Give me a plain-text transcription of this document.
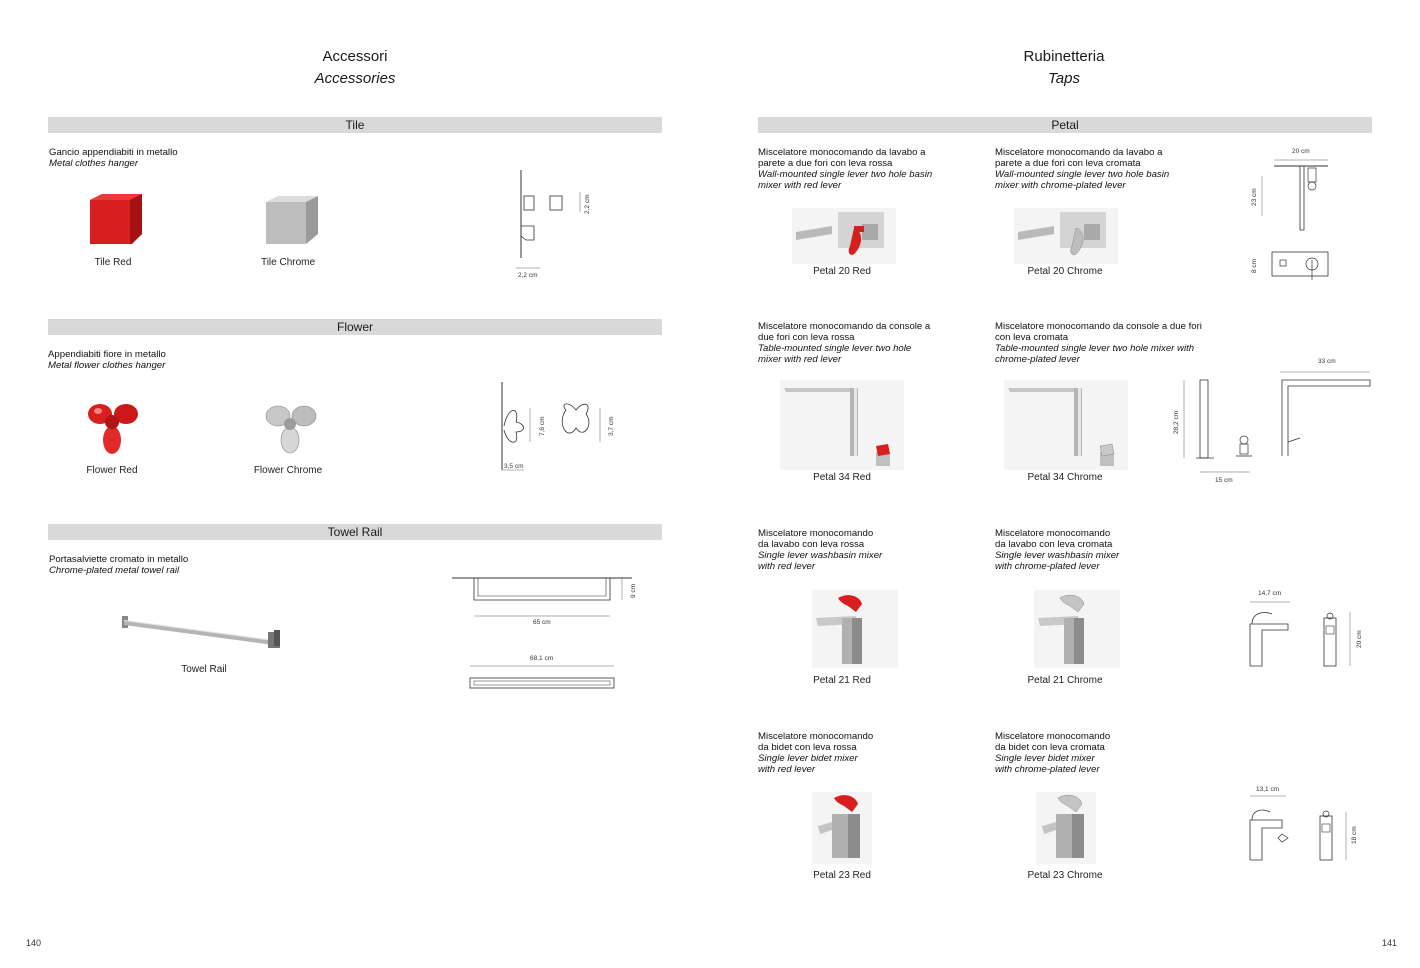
Accessori
Accessories
Tile
Gancio appendiabiti in metallo
Metal clothes hanger
Tile Red	Tile Chrome
2,2 cm
2,2 cm
Flower
Appendiabiti fiore in metallo
Metal flower clothes hanger
Flower Red	Flower Chrome
7,6 cm	3,7 cm
3,5 cm
Towel Rail
Portasalviette cromato in metallo
Chrome-plated metal towel rail
Towel Rail
9 cm
65 cm
68,1 cm
140
Rubinetteria
Taps
Petal
Miscelatore monocomando da lavabo a
parete a due fori con leva rossa
Wall-mounted single lever two hole basin
mixer with red lever
Miscelatore monocomando da lavabo a
parete a due fori con leva cromata
Wall-mounted single lever two hole basin
mixer with chrome-plated lever
Petal 20 Red	Petal 20 Chrome
20 cm
23 cm
8 cm
Miscelatore monocomando da console a
due fori con leva rossa
Table-mounted single lever two hole
mixer with red lever
Miscelatore monocomando da console a due fori
con leva cromata
Table-mounted single lever two hole mixer with
chrome-plated lever
Petal 34 Red	Petal 34 Chrome
33 cm
28,2 cm
15 cm
Miscelatore monocomando
da lavabo con leva rossa
Single lever washbasin mixer
with red lever
Miscelatore monocomando
da lavabo con leva cromata
Single lever washbasin mixer
with chrome-plated lever
Petal 21 Red	Petal 21 Chrome
14,7 cm
20 cm
Miscelatore monocomando
da bidet con leva rossa
Single lever bidet mixer
with red lever
Miscelatore monocomando
da bidet con leva cromata
Single lever bidet mixer
with chrome-plated lever
Petal 23 Red	Petal 23 Chrome
13,1 cm
18 cm
141
